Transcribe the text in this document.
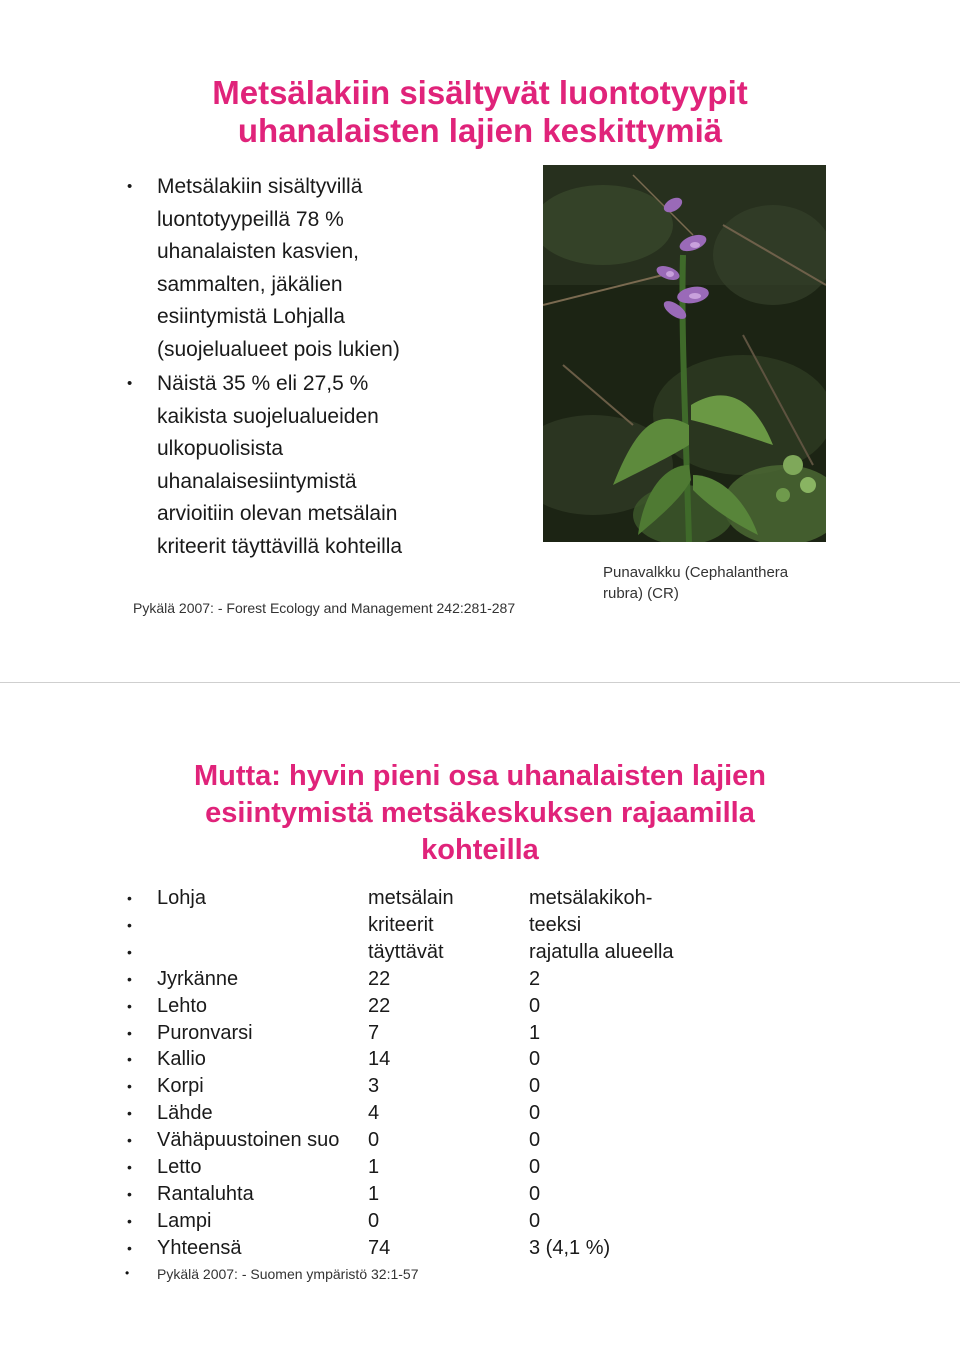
Metsälakiin sisältyvät luontotyypit
uhanalaisten lajien keskittymiä
• Metsälakiin sisältyvillä
luontotyypeillä 78 %
uhanalaisten kasvien,
sammalten, jäkälien
esiintymistä Lohjalla
(suojelualueet pois lukien)
• Näistä 35 % eli 27,5 %
kaikista suojelualueiden
ulkopuolisista
uhanalaisesiintymistä
arvioitiin olevan metsälain
kriteerit täyttävillä kohteilla
Pykälä 2007: - Forest Ecology and Management 242:281-287
Punavalkku (Cephalanthera
rubra) (CR)
Mutta: hyvin pieni osa uhanalaisten lajien
esiintymistä metsäkeskuksen rajaamilla
kohteilla
• Lohja	metsälain	metsälakikoh-
•	kriteerit	teeksi
•	täyttävät	rajatulla alueella
• Jyrkänne	22	2
• Lehto	22	0
• Puronvarsi	7	1
• Kallio	14	0
• Korpi	3	0
• Lähde	4	0
• Vähäpuustoinen suo 0	0
• Letto	1	0
• Rantaluhta	1	0
• Lampi	0	0
• Yhteensä	74	3 (4,1 %)
• Pykälä 2007: - Suomen ympäristö 32:1-57
